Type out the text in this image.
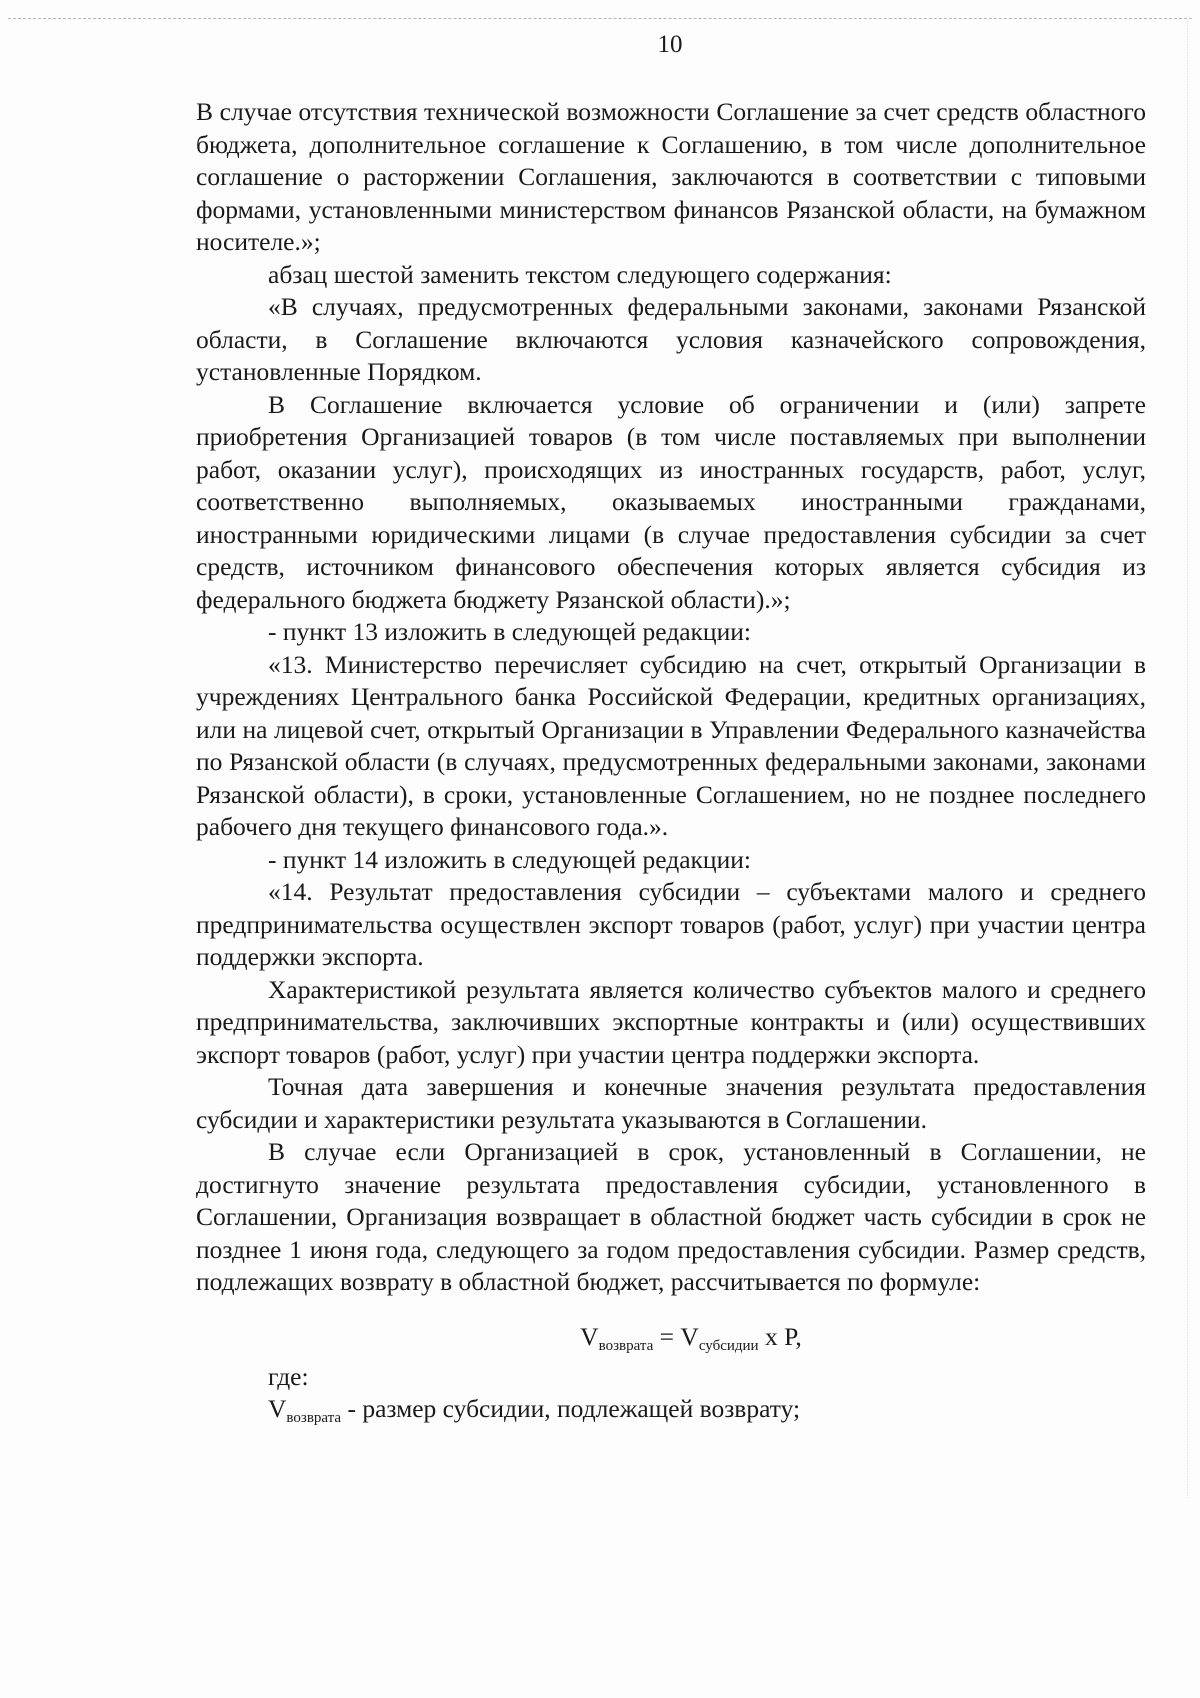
10

В случае отсутствия технической возможности Соглашение за счет средств областного бюджета, дополнительное соглашение к Соглашению, в том числе дополнительное соглашение о расторжении Соглашения, заключаются в соответствии с типовыми формами, установленными министерством финансов Рязанской области, на бумажном носителе.»;

абзац шестой заменить текстом следующего содержания:

«В случаях, предусмотренных федеральными законами, законами Рязанской области, в Соглашение включаются условия казначейского сопровождения, установленные Порядком.

В Соглашение включается условие об ограничении и (или) запрете приобретения Организацией товаров (в том числе поставляемых при выполнении работ, оказании услуг), происходящих из иностранных государств, работ, услуг, соответственно выполняемых, оказываемых иностранными гражданами, иностранными юридическими лицами (в случае предоставления субсидии за счет средств, источником финансового обеспечения которых является субсидия из федерального бюджета бюджету Рязанской области).»;

- пункт 13 изложить в следующей редакции:

«13. Министерство перечисляет субсидию на счет, открытый Организации в учреждениях Центрального банка Российской Федерации, кредитных организациях, или на лицевой счет, открытый Организации в Управлении Федерального казначейства по Рязанской области (в случаях, предусмотренных федеральными законами, законами Рязанской области), в сроки, установленные Соглашением, но не позднее последнего рабочего дня текущего финансового года.».

- пункт 14 изложить в следующей редакции:

«14. Результат предоставления субсидии – субъектами малого и среднего предпринимательства осуществлен экспорт товаров (работ, услуг) при участии центра поддержки экспорта.

Характеристикой результата является количество субъектов малого и среднего предпринимательства, заключивших экспортные контракты и (или) осуществивших экспорт товаров (работ, услуг) при участии центра поддержки экспорта.

Точная дата завершения и конечные значения результата предоставления субсидии и характеристики результата указываются в Соглашении.

В случае если Организацией в срок, установленный в Соглашении, не достигнуто значение результата предоставления субсидии, установленного в Соглашении, Организация возвращает в областной бюджет часть субсидии в срок не позднее 1 июня года, следующего за годом предоставления субсидии. Размер средств, подлежащих возврату в областной бюджет, рассчитывается по формуле:

$V_{возврата} = V_{субсидии}$ x P,

где:

$V_{возврата}$ - размер субсидии, подлежащей возврату;
